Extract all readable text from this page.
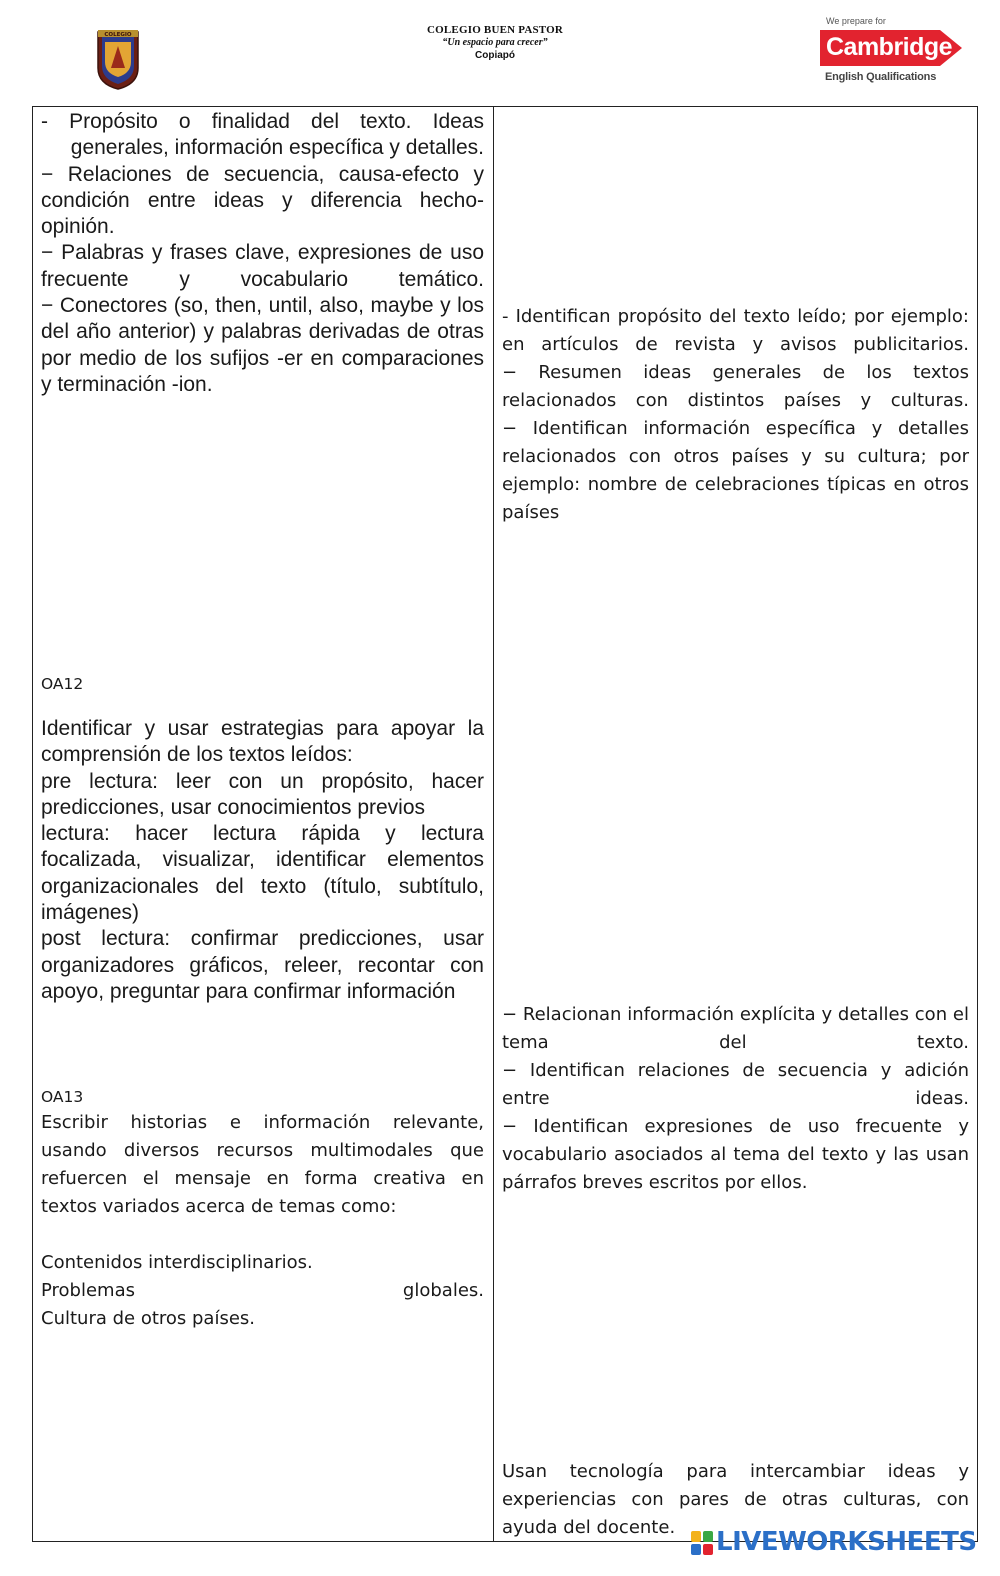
COLEGIO	COLEGIO BUEN PASTOR
“Un espacio para crecer”
Copiapó
We prepare for
Cambridge
English Qualifications
- Propósito o finalidad del texto. Ideas generales, información específica y detalles.
− Relaciones de secuencia, causa-efecto y condición entre ideas y diferencia hecho-opinión.
− Palabras y frases clave, expresiones de uso frecuente y vocabulario temático.
− Conectores (so, then, until, also, maybe y los del año anterior) y palabras derivadas de otras por medio de los sufijos -er en comparaciones y terminación -ion.
OA12
Identificar y usar estrategias para apoyar la comprensión de los textos leídos:
pre lectura: leer con un propósito, hacer predicciones, usar conocimientos previos
lectura: hacer lectura rápida y lectura focalizada, visualizar, identificar elementos organizacionales del texto (título, subtítulo, imágenes)
post lectura: confirmar predicciones, usar organizadores gráficos, releer, recontar con apoyo, preguntar para confirmar información
OA13
Escribir historias e información relevante, usando diversos recursos multimodales que refuercen el mensaje en forma creativa en textos variados acerca de temas como:
Contenidos interdisciplinarios.
Problemas globales.
Cultura de otros países.
- Identifican propósito del texto leído; por ejemplo: en artículos de revista y avisos publicitarios.
− Resumen ideas generales de los textos relacionados con distintos países y culturas.
− Identifican información específica y detalles relacionados con otros países y su cultura; por ejemplo: nombre de celebraciones típicas en otros países
− Relacionan información explícita y detalles con el tema del texto.
− Identifican relaciones de secuencia y adición entre ideas.
− Identifican expresiones de uso frecuente y vocabulario asociados al tema del texto y las usan párrafos breves escritos por ellos.
Usan tecnología para intercambiar ideas y experiencias con pares de otras culturas, con ayuda del docente.	LIVEWORKSHEETS
